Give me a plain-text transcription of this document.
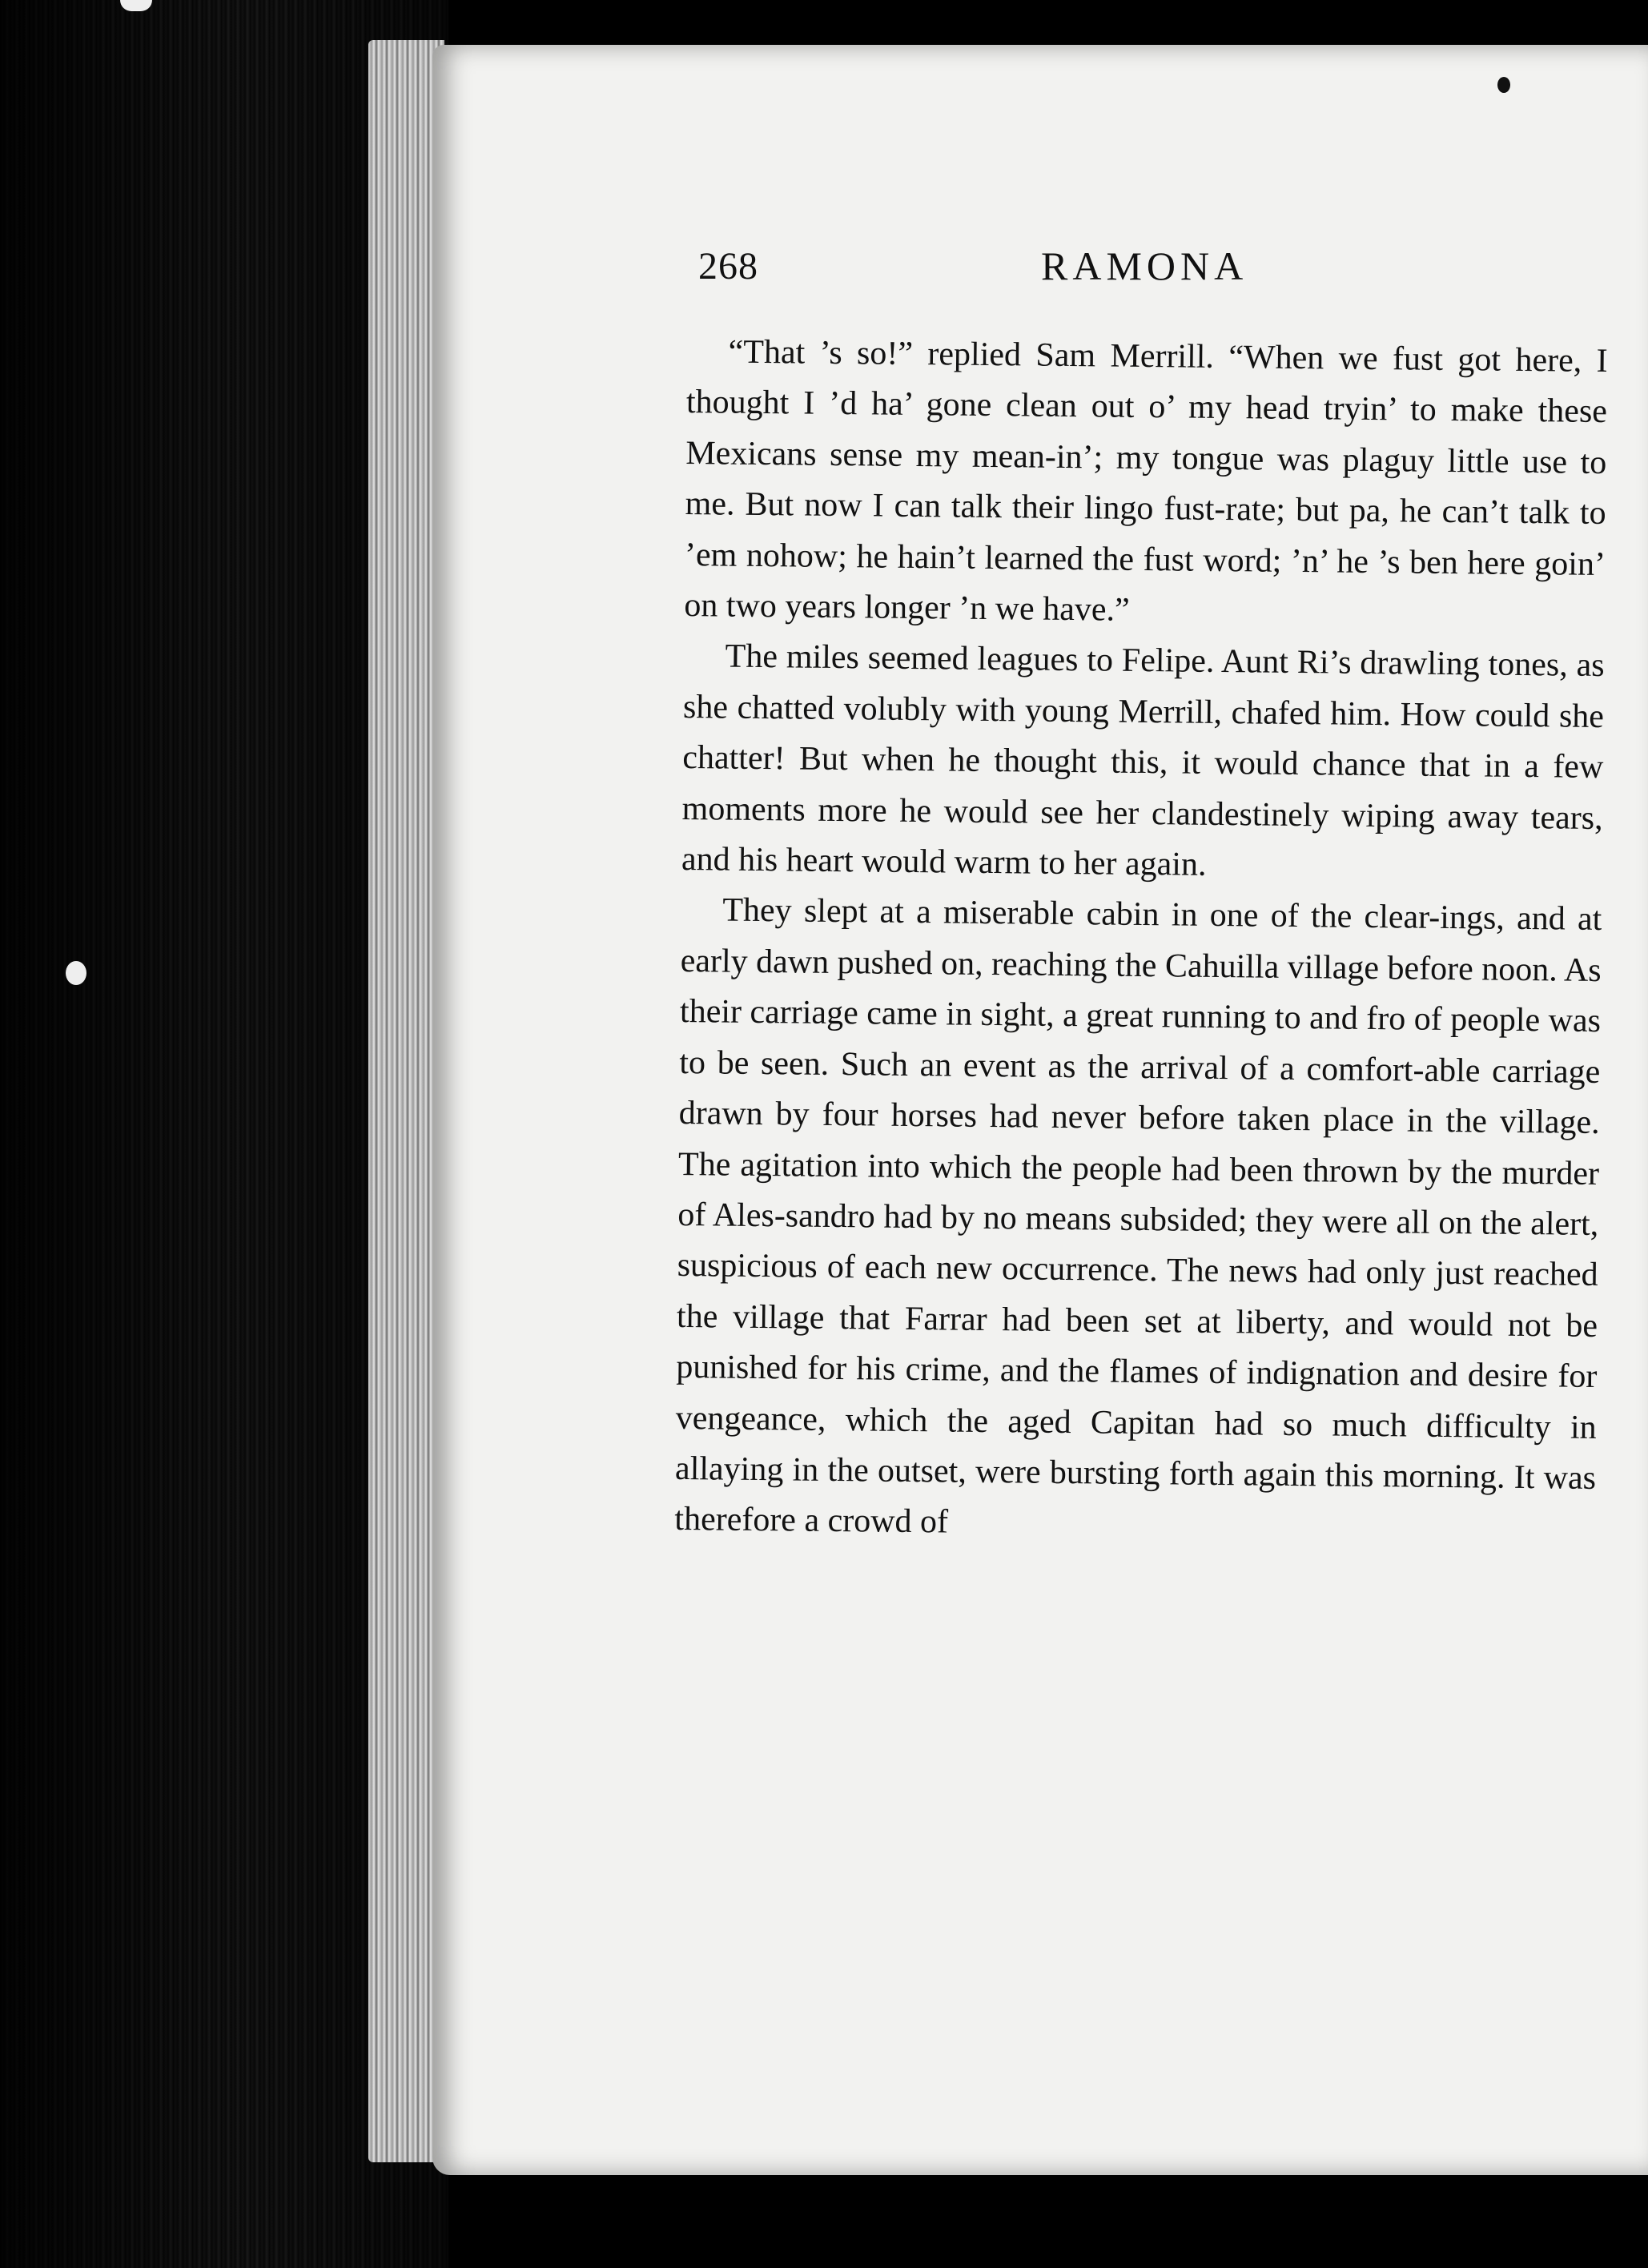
268	RAMONA

“That ’s so!” replied Sam Merrill. “When we fust got here, I thought I ’d ha’ gone clean out o’ my head tryin’ to make these Mexicans sense my mean-in’; my tongue was plaguy little use to me. But now I can talk their lingo fust-rate; but pa, he can’t talk to ’em nohow; he hain’t learned the fust word; ’n’ he ’s ben here goin’ on two years longer ’n we have.”

The miles seemed leagues to Felipe. Aunt Ri’s drawling tones, as she chatted volubly with young Merrill, chafed him. How could she chatter! But when he thought this, it would chance that in a few moments more he would see her clandestinely wiping away tears, and his heart would warm to her again.

They slept at a miserable cabin in one of the clear-ings, and at early dawn pushed on, reaching the Cahuilla village before noon. As their carriage came in sight, a great running to and fro of people was to be seen. Such an event as the arrival of a comfort-able carriage drawn by four horses had never before taken place in the village. The agitation into which the people had been thrown by the murder of Ales-sandro had by no means subsided; they were all on the alert, suspicious of each new occurrence. The news had only just reached the village that Farrar had been set at liberty, and would not be punished for his crime, and the flames of indignation and desire for vengeance, which the aged Capitan had so much difficulty in allaying in the outset, were bursting forth again this morning. It was therefore a crowd of
